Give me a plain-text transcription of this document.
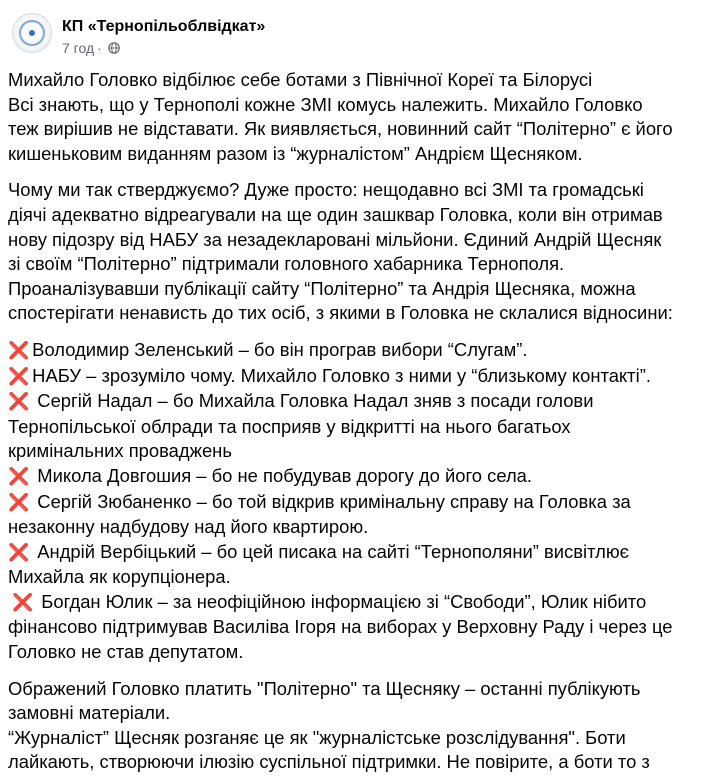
КП «Тернопільоблвідкат»
7 год ·

Михайло Головко відбілює себе ботами з Північної Кореї та Білорусі

Всі знають, що у Тернополі кожне ЗМІ комусь належить. Михайло Головко

теж вирішив не відставати. Як виявляється, новинний сайт “Політерно” є його

кишеньковим виданням разом із “журналістом” Андрієм Щесняком.

Чому ми так стверджуємо? Дуже просто: нещодавно всі ЗМІ та громадські

діячі адекватно відреагували на ще один зашквар Головка, коли він отримав

нову підозру від НАБУ за незадекларовані мільйони. Єдиний Андрій Щесняк

зі своїм “Політерно” підтримали головного хабарника Тернополя.

Проаналізувавши публікації сайту “Політерно” та Андрія Щесняка, можна

спостерігати ненависть до тих осіб, з якими в Головка не склалися відносини:

❌ Володимир Зеленський – бо він програв вибори “Слугам”.

❌ НАБУ – зрозуміло чому. Михайло Головко з ними у “близькому контакті”.

❌ Сергій Надал – бо Михайла Головка Надал зняв з посади голови

Тернопільської облради та посприяв у відкритті на нього багатьох

кримінальних проваджень

❌ Микола Довгошия – бо не побудував дорогу до його села.

❌ Сергій Зюбаненко – бо той відкрив кримінальну справу на Головка за

незаконну надбудову над його квартирою.

❌ Андрій Вербіцький – бо цей писака на сайті “Тернополяни” висвітлює

Михайла як корупціонера.

❌ Богдан Юлик – за неофіційною інформацією зі “Свободи”, Юлик нібито

фінансово підтримував Василіва Ігоря на виборах у Верховну Раду і через це

Головко не став депутатом.

Ображений Головко платить "Політерно" та Щесняку – останні публікують

замовні матеріали.

“Журналіст” Щесняк розганяє це як "журналістське розслідування". Боти

лайкають, створюючи ілюзію суспільної підтримки. Не повірите, а боти то з
